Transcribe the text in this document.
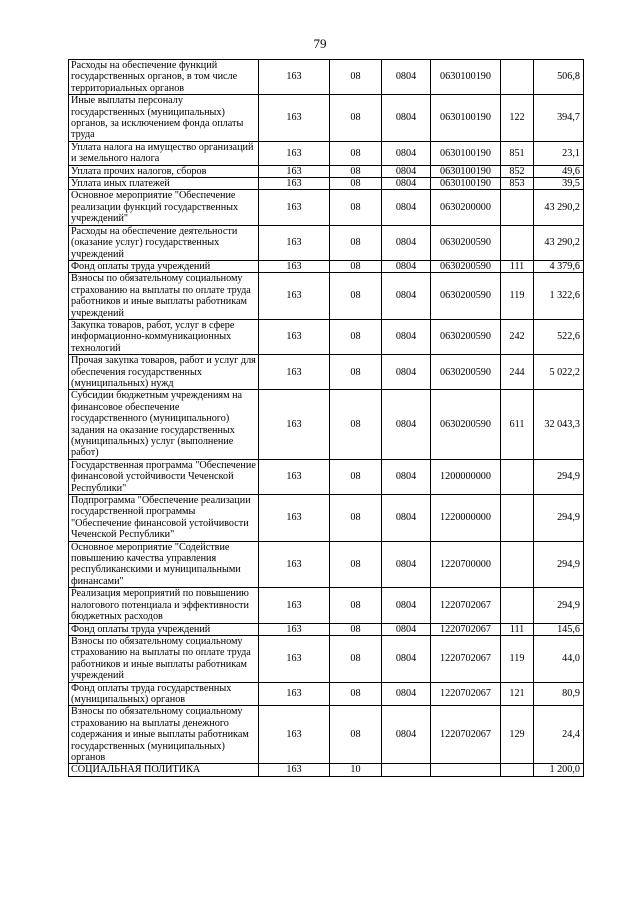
79
Расходы на обеспечение функций государственных органов, в том числе территориальных органов	163	08	0804	0630100190		506,8
Иные выплаты персоналу государственных (муниципальных) органов, за исключением фонда оплаты труда	163	08	0804	0630100190	122	394,7
Уплата налога на имущество организаций и земельного налога	163	08	0804	0630100190	851	23,1
Уплата прочих налогов, сборов	163	08	0804	0630100190	852	49,6
Уплата иных платежей	163	08	0804	0630100190	853	39,5
Основное мероприятие "Обеспечение реализации функций государственных учреждений"	163	08	0804	0630200000		43 290,2
Расходы на обеспечение деятельности (оказание услуг) государственных учреждений	163	08	0804	0630200590		43 290,2
Фонд оплаты труда учреждений	163	08	0804	0630200590	111	4 379,6
Взносы по обязательному социальному страхованию на выплаты по оплате труда работников и иные выплаты работникам учреждений	163	08	0804	0630200590	119	1 322,6
Закупка товаров, работ, услуг в сфере информационно-коммуникационных технологий	163	08	0804	0630200590	242	522,6
Прочая закупка товаров, работ и услуг для обеспечения государственных (муниципальных) нужд	163	08	0804	0630200590	244	5 022,2
Субсидии бюджетным учреждениям на финансовое обеспечение государственного (муниципального) задания на оказание государственных (муниципальных) услуг (выполнение работ)	163	08	0804	0630200590	611	32 043,3
Государственная программа "Обеспечение финансовой устойчивости Чеченской Республики"	163	08	0804	1200000000		294,9
Подпрограмма "Обеспечение реализации государственной программы "Обеспечение финансовой устойчивости Чеченской Республики"	163	08	0804	1220000000		294,9
Основное мероприятие "Содействие повышению качества управления республиканскими и муниципальными финансами"	163	08	0804	1220700000		294,9
Реализация мероприятий по повышению налогового потенциала и эффективности бюджетных расходов	163	08	0804	1220702067		294,9
Фонд оплаты труда учреждений	163	08	0804	1220702067	111	145,6
Взносы по обязательному социальному страхованию на выплаты по оплате труда работников и иные выплаты работникам учреждений	163	08	0804	1220702067	119	44,0
Фонд оплаты труда государственных (муниципальных) органов	163	08	0804	1220702067	121	80,9
Взносы по обязательному социальному страхованию на выплаты денежного содержания и иные выплаты работникам государственных (муниципальных) органов	163	08	0804	1220702067	129	24,4
СОЦИАЛЬНАЯ ПОЛИТИКА	163	10				1 200,0
